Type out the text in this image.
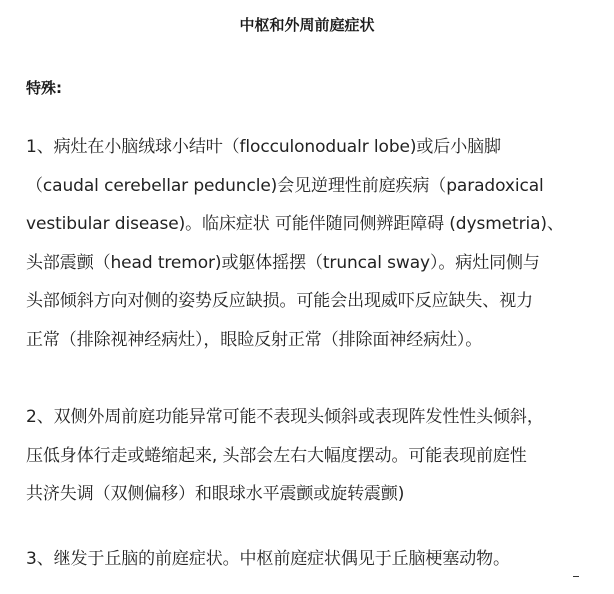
中枢和外周前庭症状

特殊:

1、病灶在小脑绒球小结叶（flocculonodualr lobe)或后小脑脚
（caudal cerebellar peduncle)会见逆理性前庭疾病（paradoxical
vestibular disease)。临床症状 可能伴随同侧辨距障碍 (dysmetria)、
头部震颤（head tremor)或躯体摇摆（truncal sway）。病灶同侧与
头部倾斜方向对侧的姿势反应缺损。可能会出现威吓反应缺失、视力
正常（排除视神经病灶），眼睑反射正常（排除面神经病灶）。

2、双侧外周前庭功能异常可能不表现头倾斜或表现阵发性性头倾斜，
压低身体行走或蜷缩起来, 头部会左右大幅度摆动。可能表现前庭性
共济失调（双侧偏移）和眼球水平震颤或旋转震颤)

3、继发于丘脑的前庭症状。中枢前庭症状偶见于丘脑梗塞动物。
